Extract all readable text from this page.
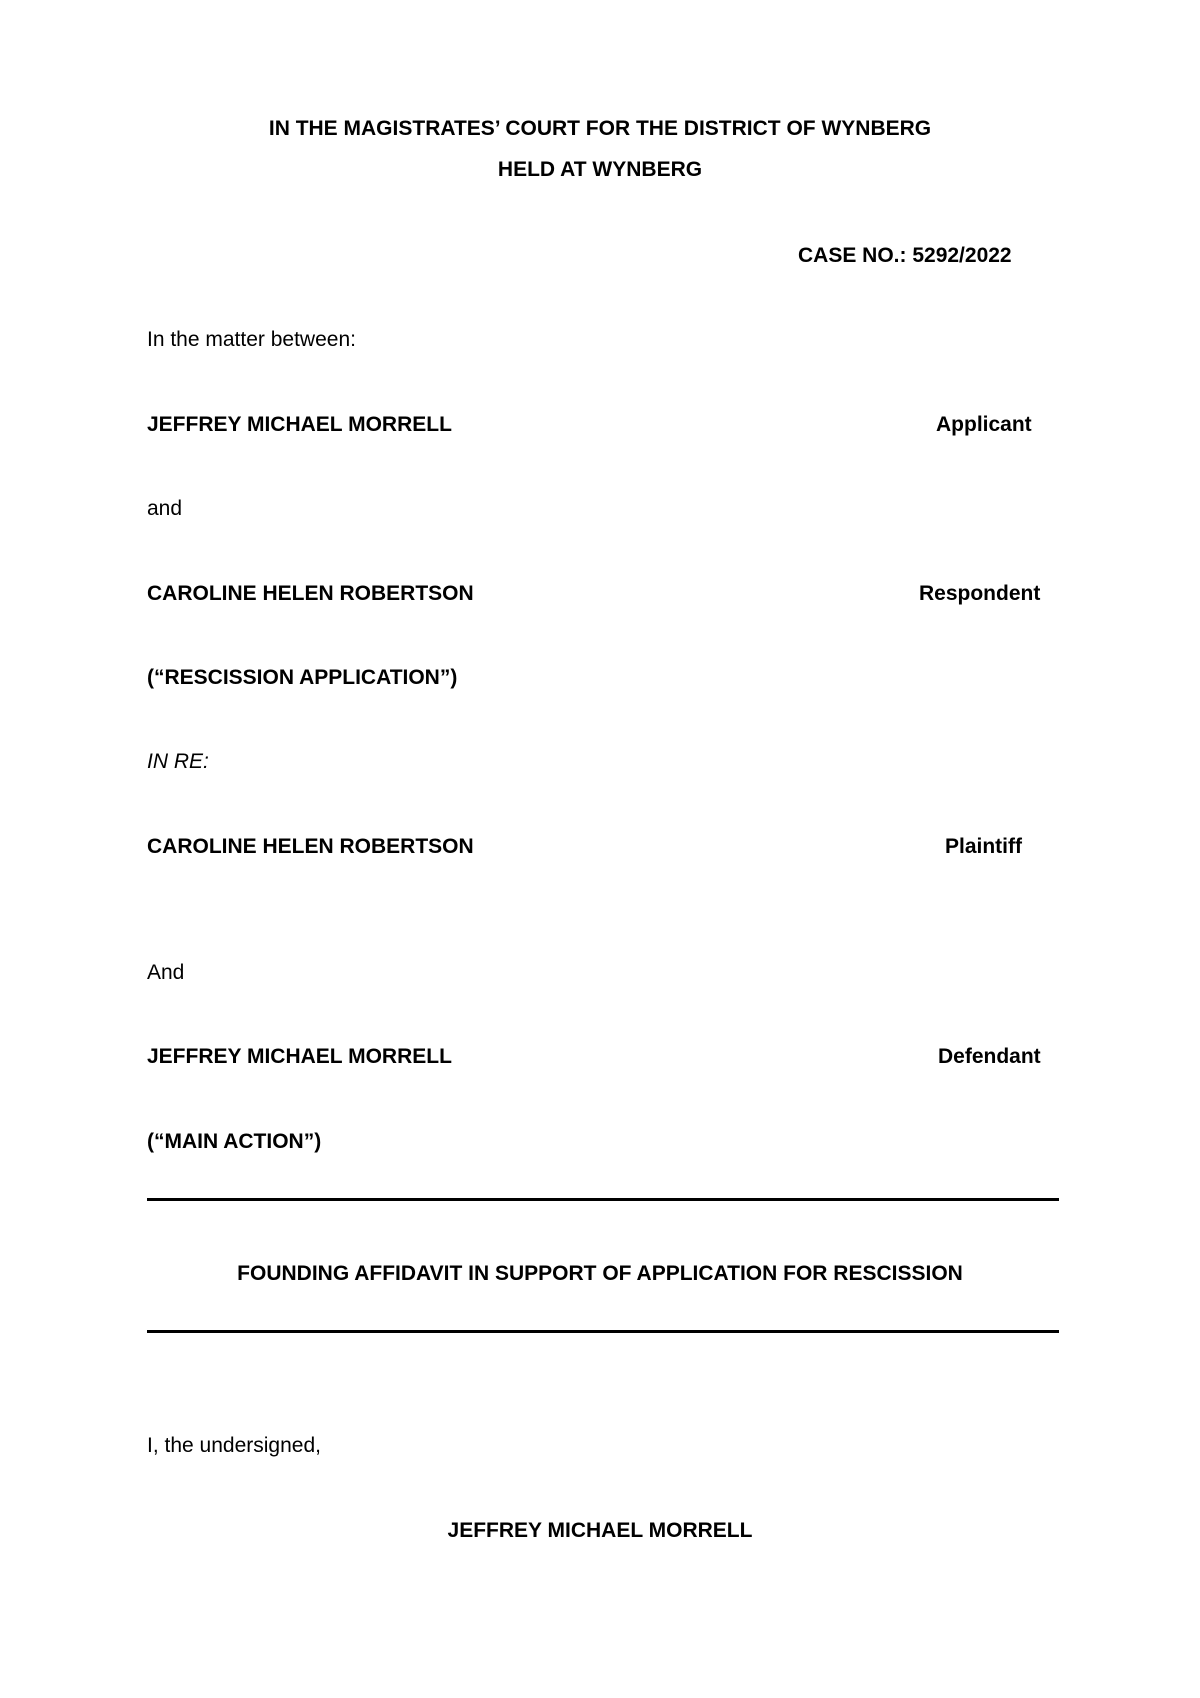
IN THE MAGISTRATES’ COURT FOR THE DISTRICT OF WYNBERG
HELD AT WYNBERG
CASE NO.: 5292/2022
In the matter between:
JEFFREY MICHAEL MORRELL	Applicant
and
CAROLINE HELEN ROBERTSON	Respondent
(“RESCISSION APPLICATION”)
IN RE:
CAROLINE HELEN ROBERTSON	Plaintiff
And
JEFFREY MICHAEL MORRELL	Defendant
(“MAIN ACTION”)
FOUNDING AFFIDAVIT IN SUPPORT OF APPLICATION FOR RESCISSION
I, the undersigned,
JEFFREY MICHAEL MORRELL
